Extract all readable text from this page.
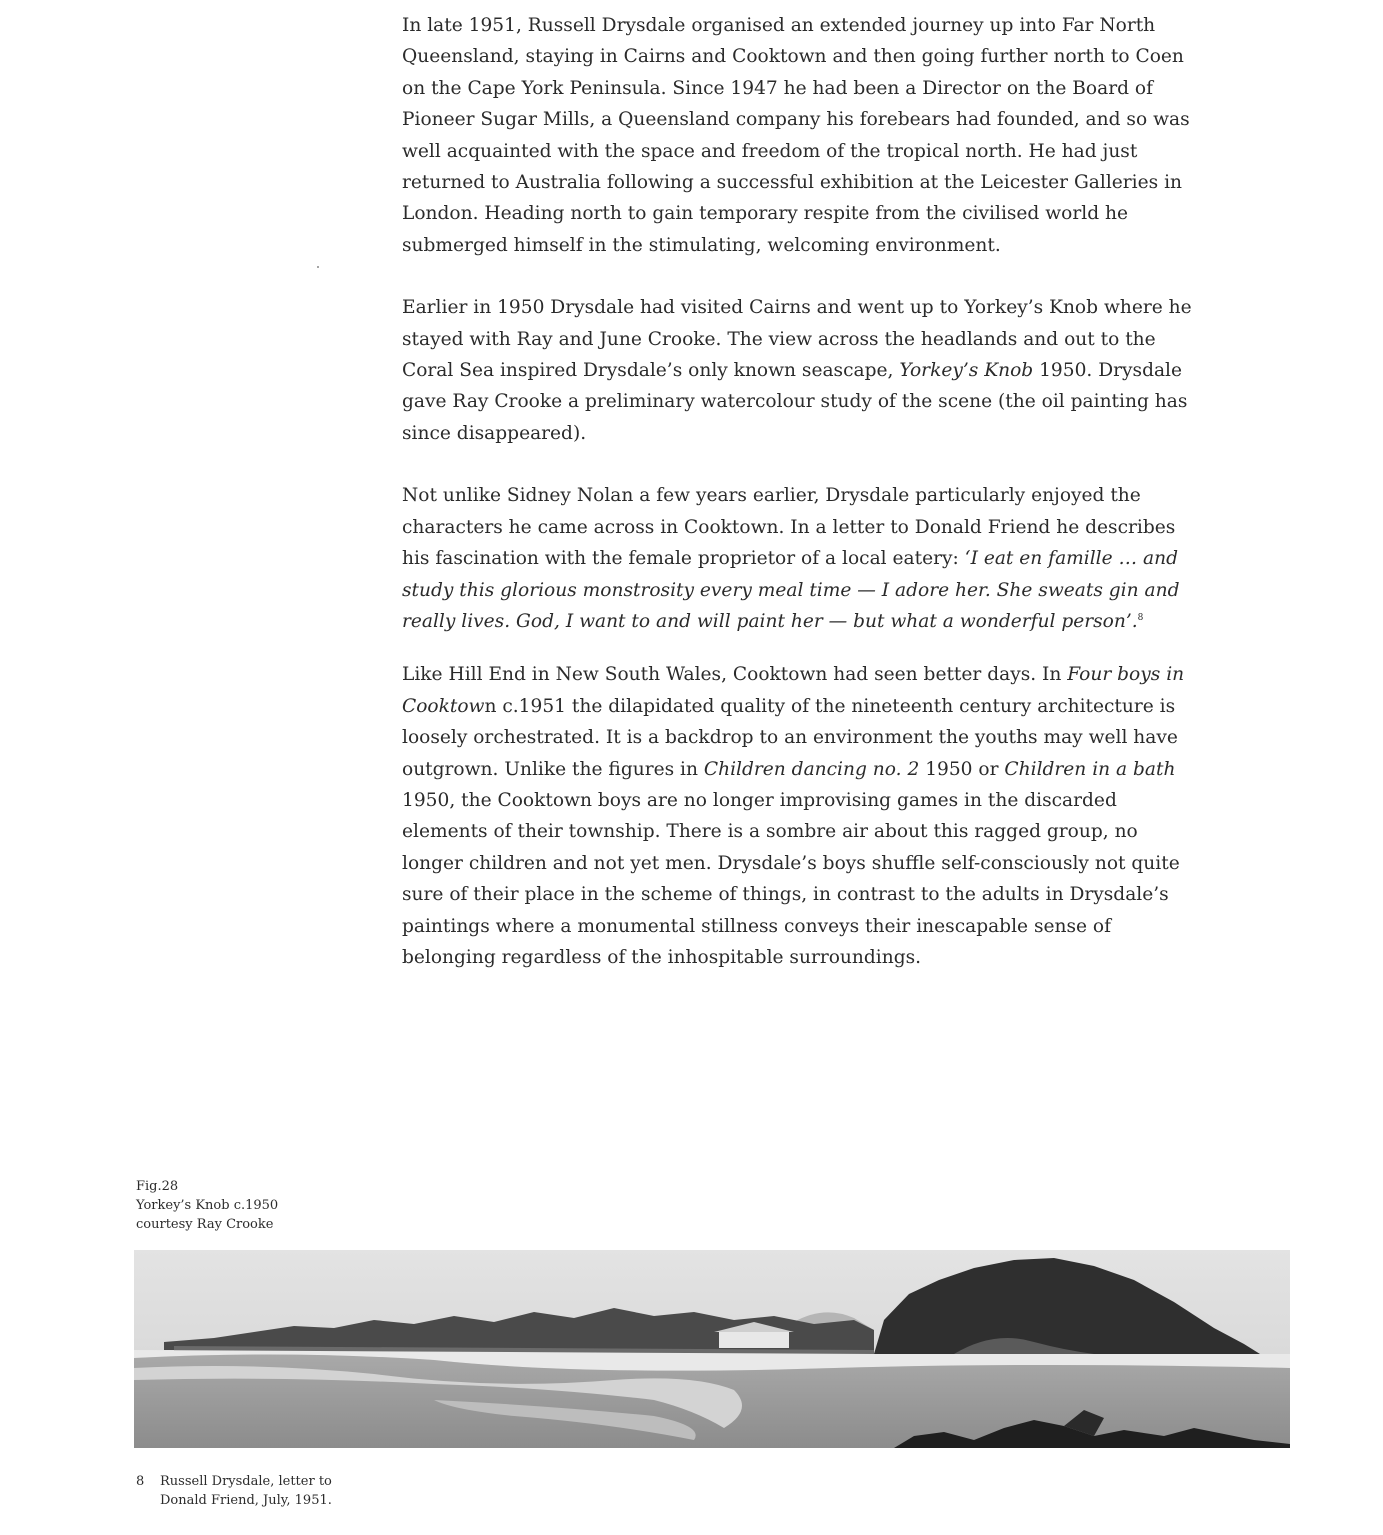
In late 1951, Russell Drysdale organised an extended journey up into Far North Queensland, staying in Cairns and Cooktown and then going further north to Coen on the Cape York Peninsula. Since 1947 he had been a Director on the Board of Pioneer Sugar Mills, a Queensland company his forebears had founded, and so was well acquainted with the space and freedom of the tropical north. He had just returned to Australia following a successful exhibition at the Leicester Galleries in London. Heading north to gain temporary respite from the civilised world he submerged himself in the stimulating, welcoming environment.

Earlier in 1950 Drysdale had visited Cairns and went up to Yorkey’s Knob where he stayed with Ray and June Crooke. The view across the headlands and out to the Coral Sea inspired Drysdale’s only known seascape, Yorkey’s Knob 1950. Drysdale gave Ray Crooke a preliminary watercolour study of the scene (the oil painting has since disappeared).

Not unlike Sidney Nolan a few years earlier, Drysdale particularly enjoyed the characters he came across in Cooktown. In a letter to Donald Friend he describes his fascination with the female proprietor of a local eatery: ‘I eat en famille … and study this glorious monstrosity every meal time — I adore her. She sweats gin and really lives. God, I want to and will paint her — but what a wonderful person’.$^8$

Like Hill End in New South Wales, Cooktown had seen better days. In Four boys in Cooktown c.1951 the dilapidated quality of the nineteenth century architecture is loosely orchestrated. It is a backdrop to an environment the youths may well have outgrown. Unlike the figures in Children dancing no. 2 1950 or Children in a bath 1950, the Cooktown boys are no longer improvising games in the discarded elements of their township. There is a sombre air about this ragged group, no longer children and not yet men. Drysdale’s boys shuffle self-consciously not quite sure of their place in the scheme of things, in contrast to the adults in Drysdale’s paintings where a monumental stillness conveys their inescapable sense of belonging regardless of the inhospitable surroundings.

Fig.28
Yorkey’s Knob c.1950
courtesy Ray Crooke
8 Russell Drysdale, letter to
Donald Friend, July, 1951.
